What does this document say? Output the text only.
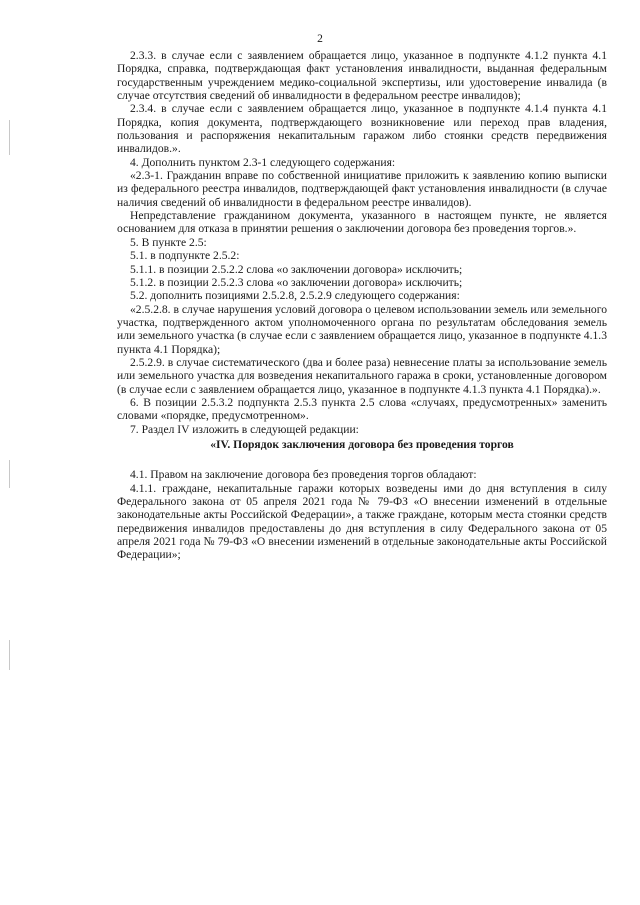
2

2.3.3. в случае если с заявлением обращается лицо, указанное в подпункте 4.1.2 пункта 4.1 Порядка, справка, подтверждающая факт установления инвалидности, выданная федеральным государственным учреждением медико-социальной экспертизы, или удостоверение инвалида (в случае отсутствия сведений об инвалидности в федеральном реестре инвалидов);

2.3.4. в случае если с заявлением обращается лицо, указанное в подпункте 4.1.4 пункта 4.1 Порядка, копия документа, подтверждающего возникновение или переход прав владения, пользования и распоряжения некапитальным гаражом либо стоянки средств передвижения инвалидов.».

4. Дополнить пунктом 2.3-1 следующего содержания:

«2.3-1. Гражданин вправе по собственной инициативе приложить к заявлению копию выписки из федерального реестра инвалидов, подтверждающей факт установления инвалидности (в случае наличия сведений об инвалидности в федеральном реестре инвалидов).

Непредставление гражданином документа, указанного в настоящем пункте, не является основанием для отказа в принятии решения о заключении договора без проведения торгов.».

5. В пункте 2.5:

5.1. в подпункте 2.5.2:

5.1.1. в позиции 2.5.2.2 слова «о заключении договора» исключить;

5.1.2. в позиции 2.5.2.3 слова «о заключении договора» исключить;

5.2. дополнить позициями 2.5.2.8, 2.5.2.9 следующего содержания:

«2.5.2.8. в случае нарушения условий договора о целевом использовании земель или земельного участка, подтвержденного актом уполномоченного органа по результатам обследования земель или земельного участка (в случае если с заявлением обращается лицо, указанное в подпункте 4.1.3 пункта 4.1 Порядка);

2.5.2.9. в случае систематического (два и более раза) невнесение платы за использование земель или земельного участка для возведения некапитального гаража в сроки, установленные договором (в случае если с заявлением обращается лицо, указанное в подпункте 4.1.3 пункта 4.1 Порядка).».

6. В позиции 2.5.3.2 подпункта 2.5.3 пункта 2.5 слова «случаях, предусмотренных» заменить словами «порядке, предусмотренном».

7. Раздел IV изложить в следующей редакции:

«IV. Порядок заключения договора без проведения торгов

4.1. Правом на заключение договора без проведения торгов обладают:

4.1.1. граждане, некапитальные гаражи которых возведены ими до дня вступления в силу Федерального закона от 05 апреля 2021 года № 79-ФЗ «О внесении изменений в отдельные законодательные акты Российской Федерации», а также граждане, которым места стоянки средств передвижения инвалидов предоставлены до дня вступления в силу Федерального закона от 05 апреля 2021 года № 79-ФЗ «О внесении изменений в отдельные законодательные акты Российской Федерации»;
